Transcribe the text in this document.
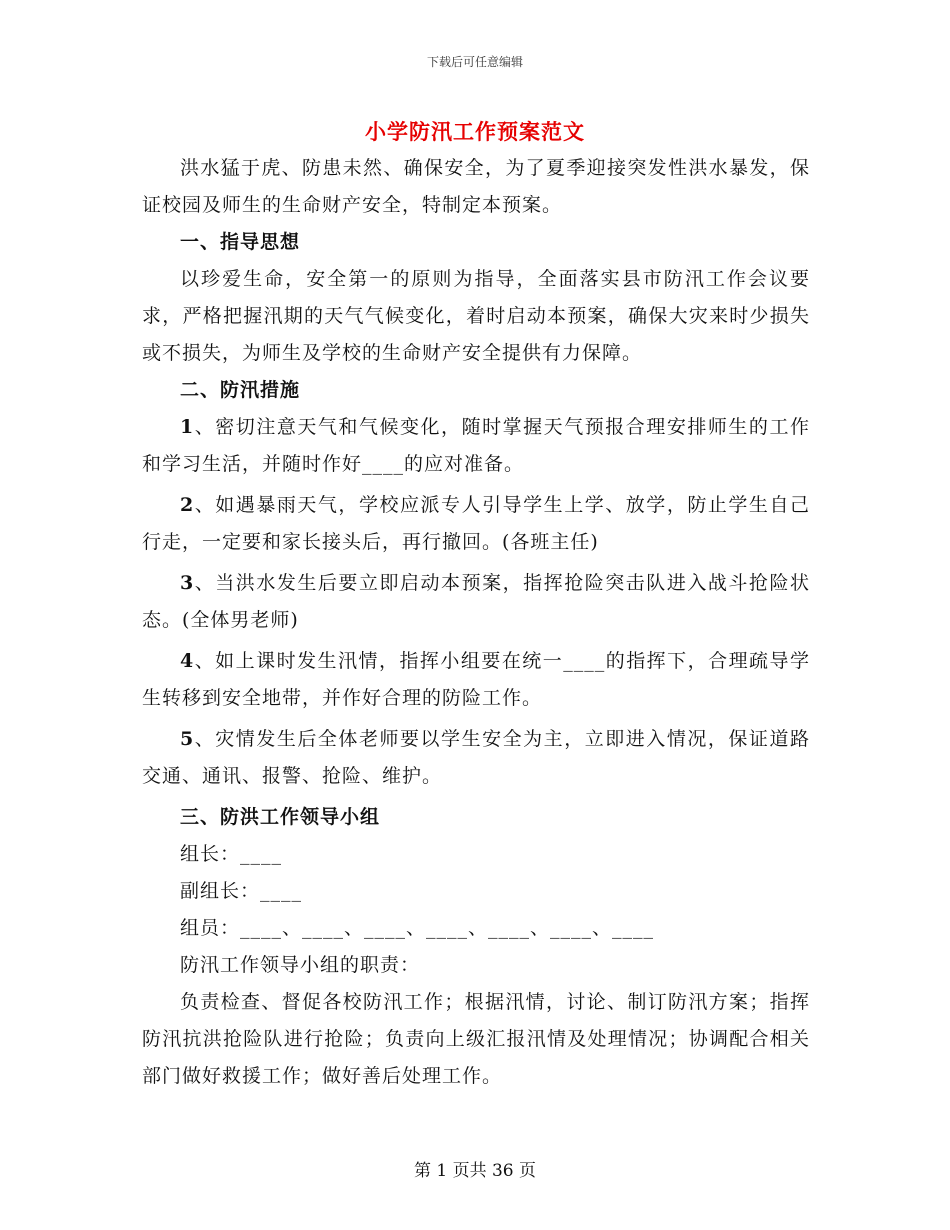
下载后可任意编辑
小学防汛工作预案范文

洪水猛于虎、防患未然、确保安全，为了夏季迎接突发性洪水暴发，保证校园及师生的生命财产安全，特制定本预案。

一、指导思想

以珍爱生命，安全第一的原则为指导，全面落实县市防汛工作会议要求，严格把握汛期的天气气候变化，着时启动本预案，确保大灾来时少损失或不损失，为师生及学校的生命财产安全提供有力保障。

二、防汛措施

1、密切注意天气和气候变化，随时掌握天气预报合理安排师生的工作和学习生活，并随时作好____的应对准备。

2、如遇暴雨天气，学校应派专人引导学生上学、放学，防止学生自己行走，一定要和家长接头后，再行撤回。(各班主任)

3、当洪水发生后要立即启动本预案，指挥抢险突击队进入战斗抢险状态。(全体男老师)

4、如上课时发生汛情，指挥小组要在统一____的指挥下，合理疏导学生转移到安全地带，并作好合理的防险工作。

5、灾情发生后全体老师要以学生安全为主，立即进入情况，保证道路交通、通讯、报警、抢险、维护。

三、防洪工作领导小组

组长：____

副组长：____

组员：____、____、____、____、____、____、____

防汛工作领导小组的职责：

负责检查、督促各校防汛工作；根据汛情，讨论、制订防汛方案；指挥防汛抗洪抢险队进行抢险；负责向上级汇报汛情及处理情况；协调配合相关部门做好救援工作；做好善后处理工作。

第 1 页共 36 页
